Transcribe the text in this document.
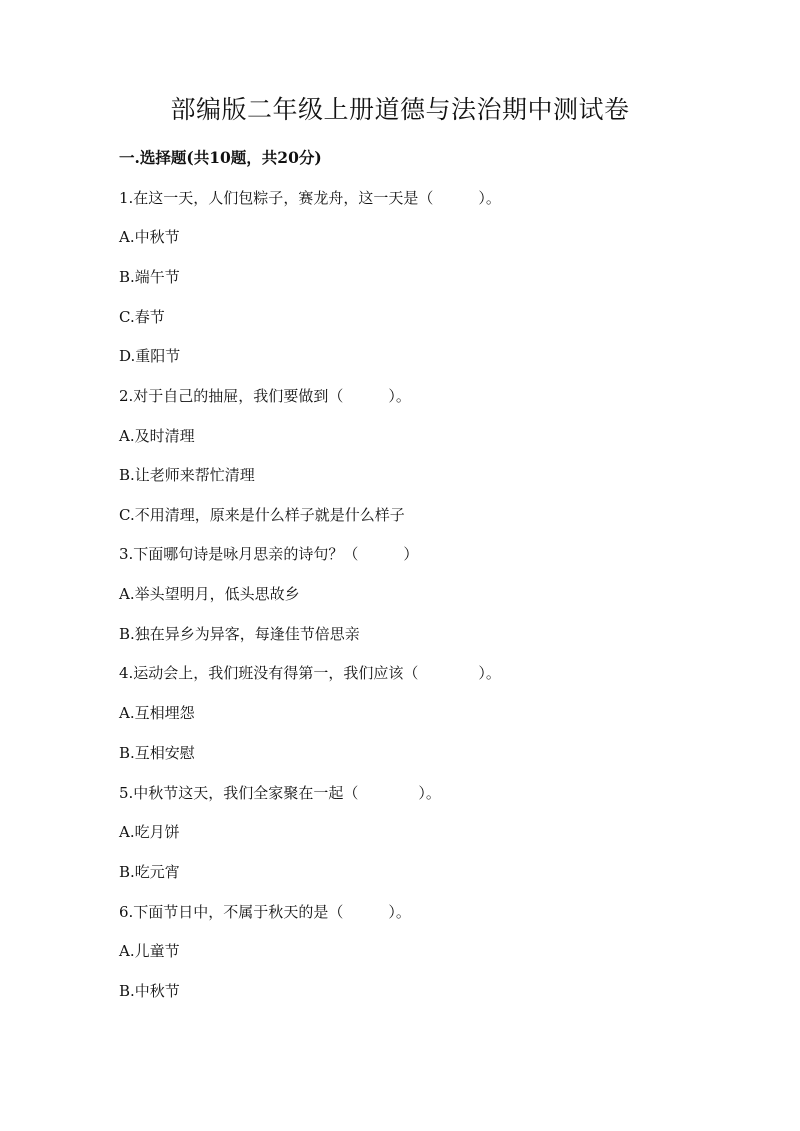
部编版二年级上册道德与法治期中测试卷
一.选择题(共10题，共20分)
1.在这一天，人们包粽子，赛龙舟，这一天是（　　　）。
A.中秋节
B.端午节
C.春节
D.重阳节
2.对于自己的抽屉，我们要做到（　　　）。
A.及时清理
B.让老师来帮忙清理
C.不用清理，原来是什么样子就是什么样子
3.下面哪句诗是咏月思亲的诗句？（　　　）
A.举头望明月，低头思故乡
B.独在异乡为异客，每逢佳节倍思亲
4.运动会上，我们班没有得第一，我们应该（　　　　）。
A.互相埋怨
B.互相安慰
5.中秋节这天，我们全家聚在一起（　　　　）。
A.吃月饼
B.吃元宵
6.下面节日中，不属于秋天的是（　　　）。
A.儿童节
B.中秋节
